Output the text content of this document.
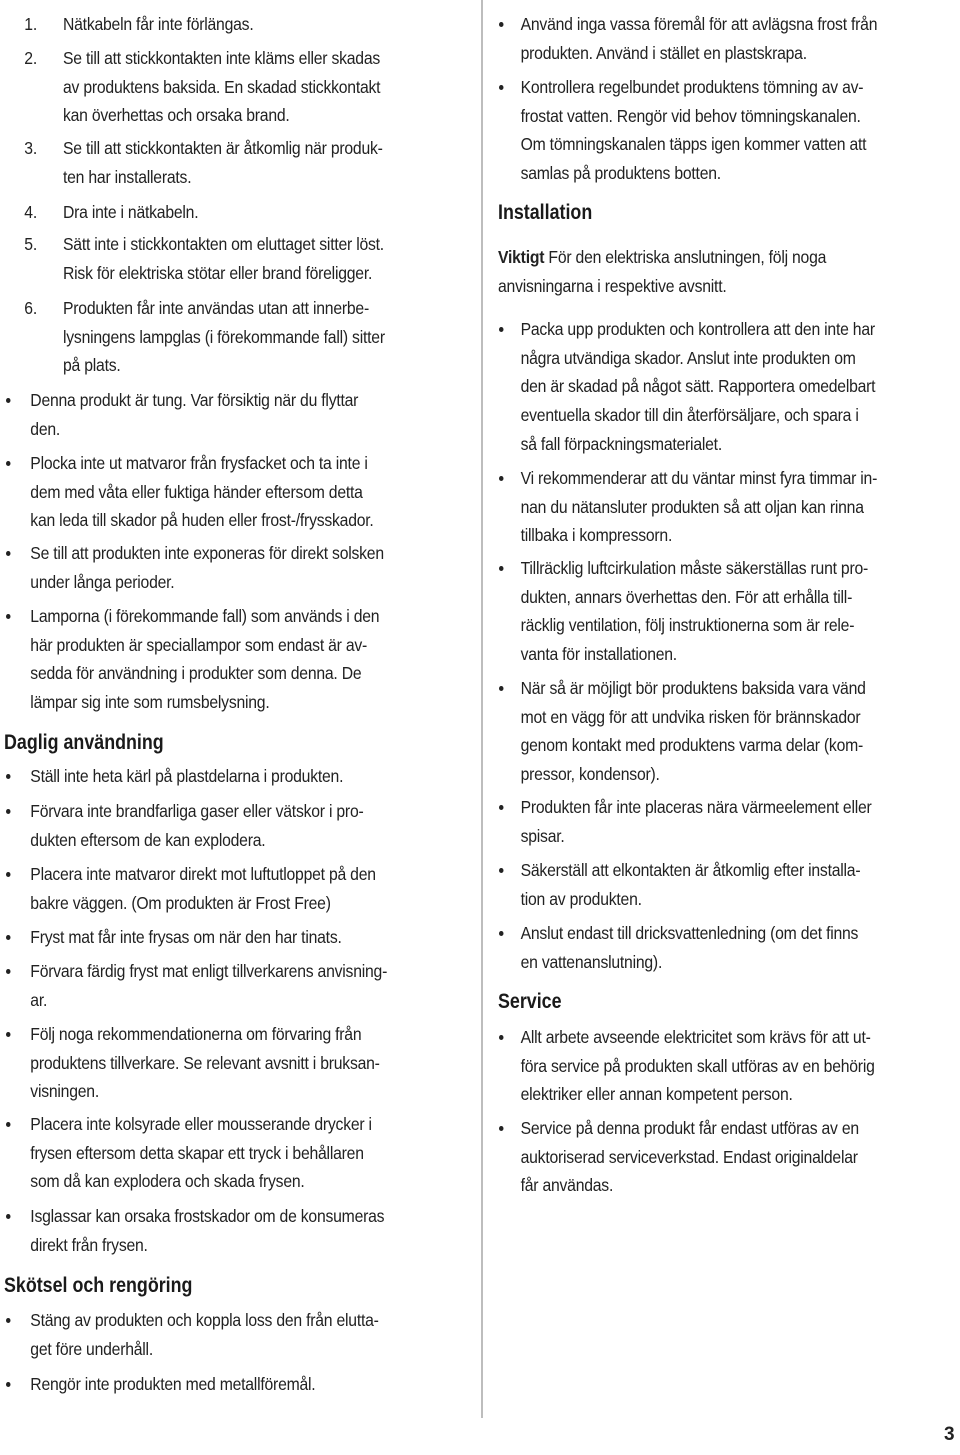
1. Nätkabeln får inte förlängas.
2. Se till att stickkontakten inte kläms eller skadas
av produktens baksida. En skadad stickkontakt
kan överhettas och orsaka brand.
3. Se till att stickkontakten är åtkomlig när produk-
ten har installerats.
4. Dra inte i nätkabeln.
5. Sätt inte i stickkontakten om eluttaget sitter löst.
Risk för elektriska stötar eller brand föreligger.
6. Produkten får inte användas utan att innerbe-
lysningens lampglas (i förekommande fall) sitter
på plats.
Denna produkt är tung. Var försiktig när du flyttar
den.
Plocka inte ut matvaror från frysfacket och ta inte i
dem med våta eller fuktiga händer eftersom detta
kan leda till skador på huden eller frost-/frysskador.
Se till att produkten inte exponeras för direkt solsken
under långa perioder.
Lamporna (i förekommande fall) som används i den
här produkten är speciallampor som endast är av-
sedda för användning i produkter som denna. De
lämpar sig inte som rumsbelysning.
Daglig användning
Ställ inte heta kärl på plastdelarna i produkten.
Förvara inte brandfarliga gaser eller vätskor i pro-
dukten eftersom de kan explodera.
Placera inte matvaror direkt mot luftutloppet på den
bakre väggen. (Om produkten är Frost Free)
Fryst mat får inte frysas om när den har tinats.
Förvara färdig fryst mat enligt tillverkarens anvisning-
ar.
Följ noga rekommendationerna om förvaring från
produktens tillverkare. Se relevant avsnitt i bruksan-
visningen.
Placera inte kolsyrade eller mousserande drycker i
frysen eftersom detta skapar ett tryck i behållaren
som då kan explodera och skada frysen.
Isglassar kan orsaka frostskador om de konsumeras
direkt från frysen.
Skötsel och rengöring
Stäng av produkten och koppla loss den från elutta-
get före underhåll.
Rengör inte produkten med metallföremål.
Använd inga vassa föremål för att avlägsna frost från
produkten. Använd i stället en plastskrapa.
Kontrollera regelbundet produktens tömning av av-
frostat vatten. Rengör vid behov tömningskanalen.
Om tömningskanalen täpps igen kommer vatten att
samlas på produktens botten.
Installation
Viktigt För den elektriska anslutningen, följ noga
anvisningarna i respektive avsnitt.
Packa upp produkten och kontrollera att den inte har
några utvändiga skador. Anslut inte produkten om
den är skadad på något sätt. Rapportera omedelbart
eventuella skador till din återförsäljare, och spara i
så fall förpackningsmaterialet.
Vi rekommenderar att du väntar minst fyra timmar in-
nan du nätansluter produkten så att oljan kan rinna
tillbaka i kompressorn.
Tillräcklig luftcirkulation måste säkerställas runt pro-
dukten, annars överhettas den. För att erhålla till-
räcklig ventilation, följ instruktionerna som är rele-
vanta för installationen.
När så är möjligt bör produktens baksida vara vänd
mot en vägg för att undvika risken för brännskador
genom kontakt med produktens varma delar (kom-
pressor, kondensor).
Produkten får inte placeras nära värmeelement eller
spisar.
Säkerställ att elkontakten är åtkomlig efter installa-
tion av produkten.
Anslut endast till dricksvattenledning (om det finns
en vattenanslutning).
Service
Allt arbete avseende elektricitet som krävs för att ut-
föra service på produkten skall utföras av en behörig
elektriker eller annan kompetent person.
Service på denna produkt får endast utföras av en
auktoriserad serviceverkstad. Endast originaldelar
får användas.
3
